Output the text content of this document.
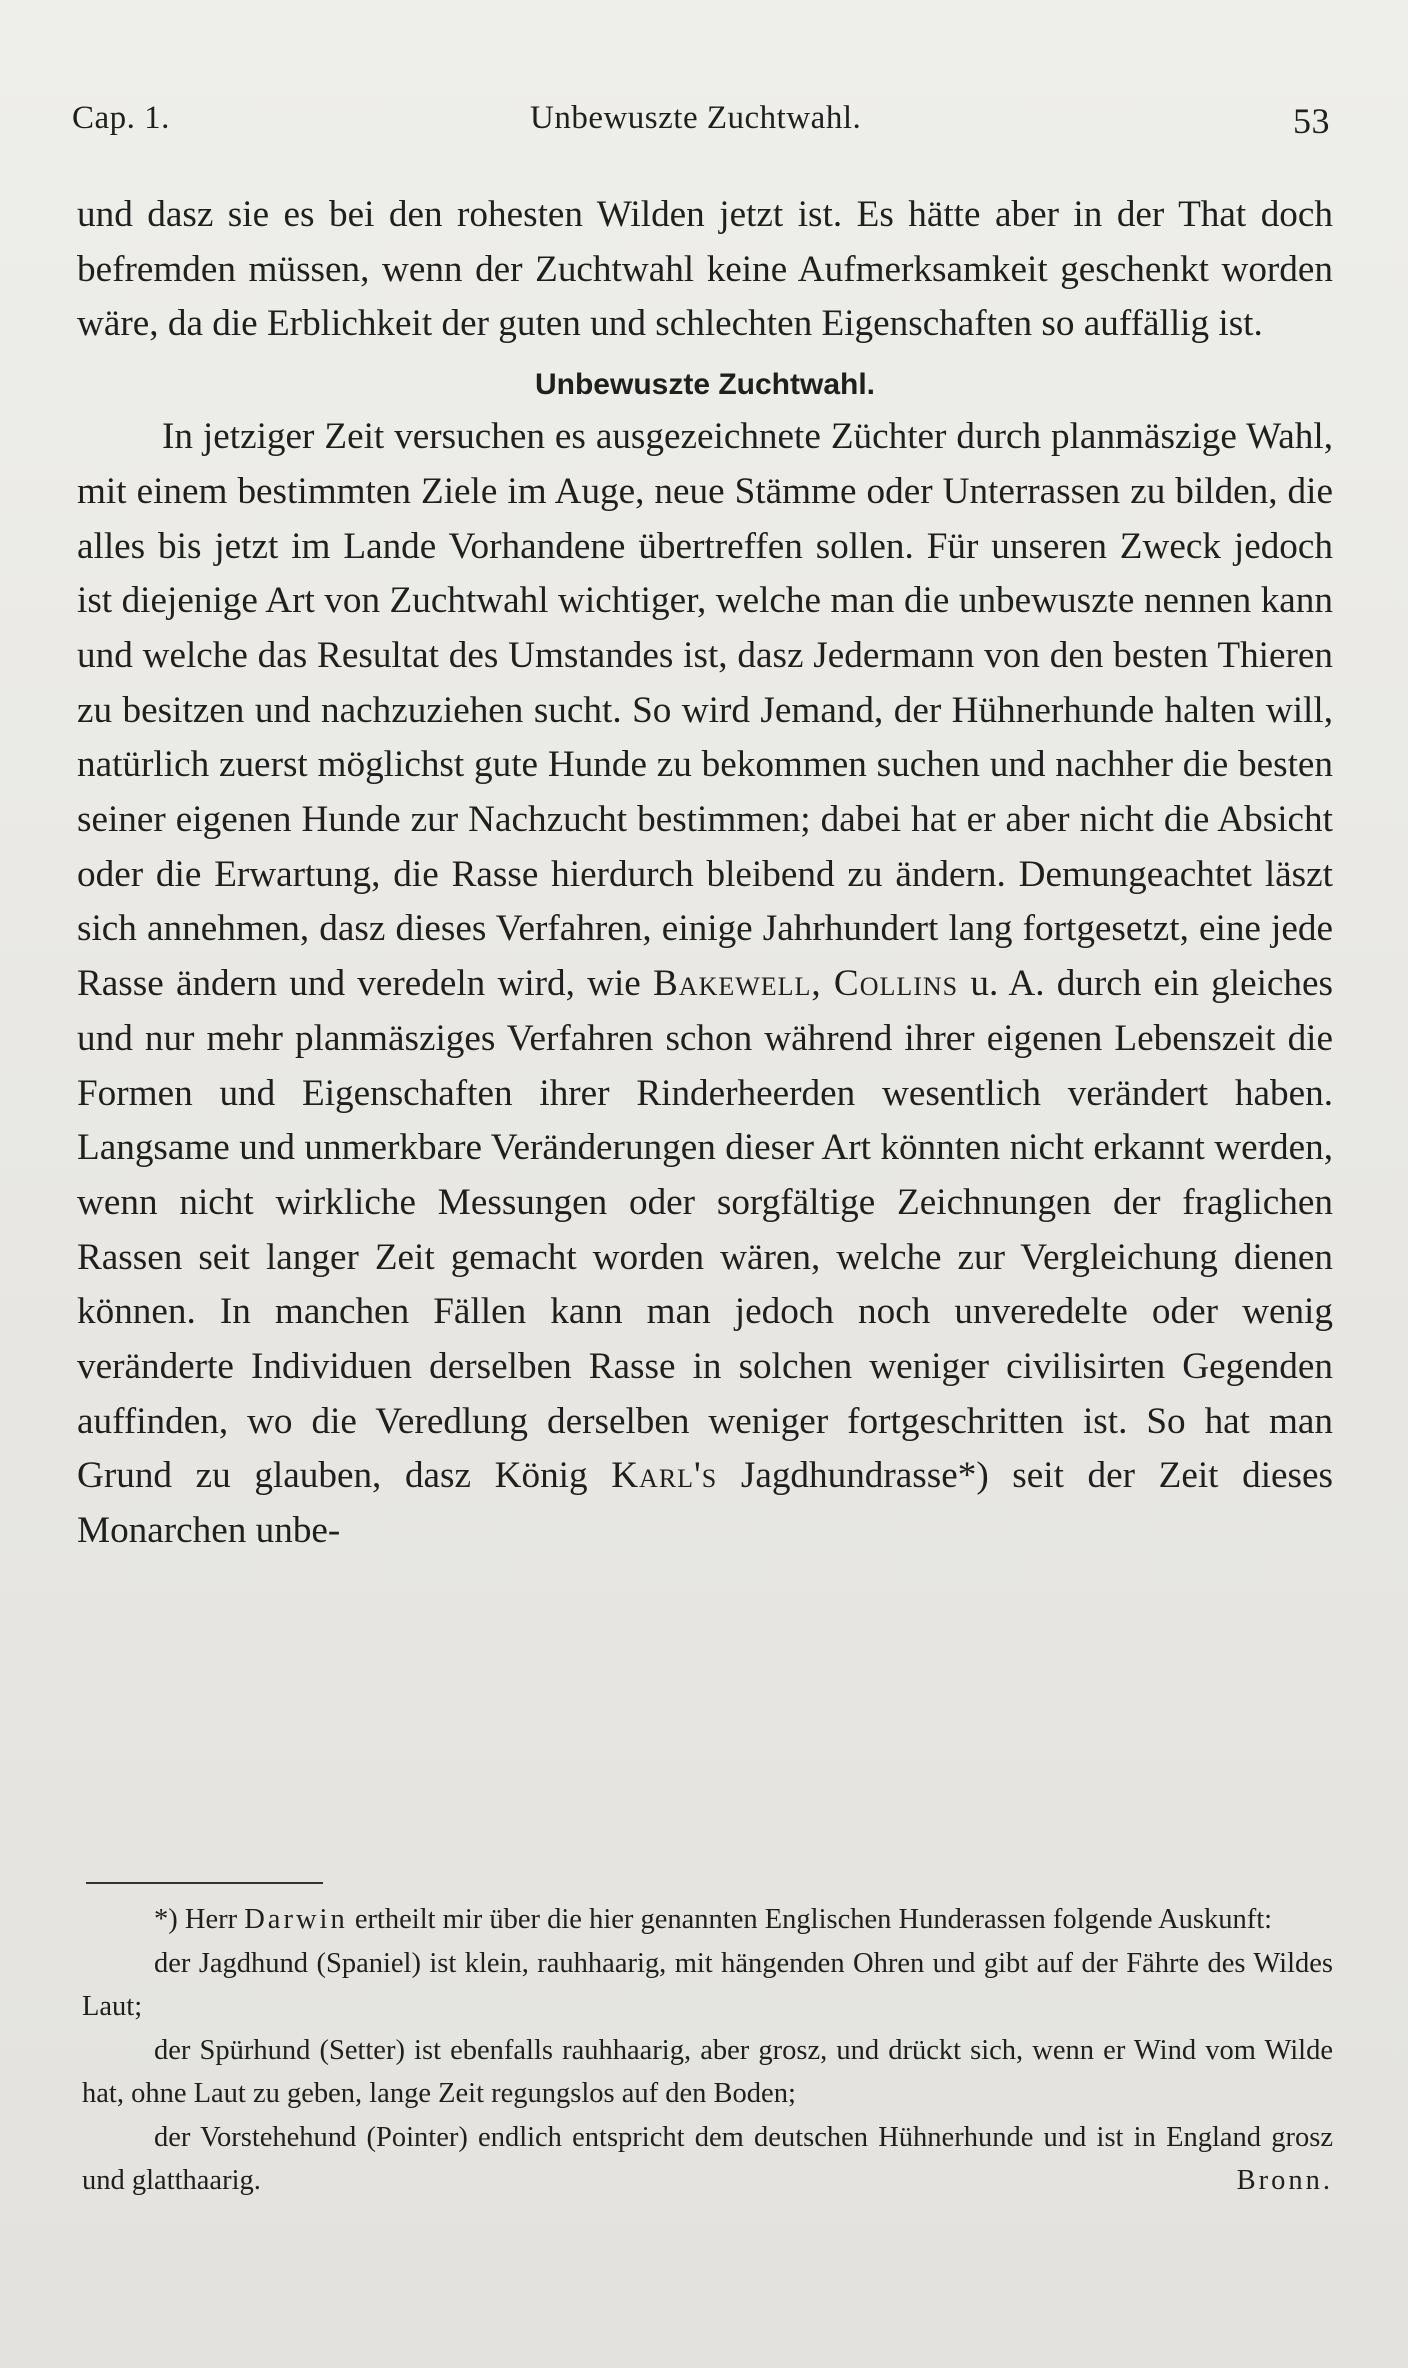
Cap. 1.	Unbewuszte Zuchtwahl.	53

und dasz sie es bei den rohesten Wilden jetzt ist. Es hätte aber in der That doch befremden müssen, wenn der Zuchtwahl keine Aufmerksamkeit geschenkt worden wäre, da die Erblichkeit der guten und schlechten Eigenschaften so auffällig ist.

Unbewuszte Zuchtwahl.

In jetziger Zeit versuchen es ausgezeichnete Züchter durch planmäszige Wahl, mit einem bestimmten Ziele im Auge, neue Stämme oder Unterrassen zu bilden, die alles bis jetzt im Lande Vorhandene übertreffen sollen. Für unseren Zweck jedoch ist diejenige Art von Zuchtwahl wichtiger, welche man die unbewuszte nennen kann und welche das Resultat des Umstandes ist, dasz Jedermann von den besten Thieren zu besitzen und nachzuziehen sucht. So wird Jemand, der Hühnerhunde halten will, natürlich zuerst möglichst gute Hunde zu bekommen suchen und nachher die besten seiner eigenen Hunde zur Nachzucht bestimmen; dabei hat er aber nicht die Absicht oder die Erwartung, die Rasse hierdurch bleibend zu ändern. Demungeachtet läszt sich annehmen, dasz dieses Verfahren, einige Jahrhundert lang fortgesetzt, eine jede Rasse ändern und veredeln wird, wie Bakewell, Collins u. A. durch ein gleiches und nur mehr planmäsziges Verfahren schon während ihrer eigenen Lebenszeit die Formen und Eigenschaften ihrer Rinderheerden wesentlich verändert haben. Langsame und unmerkbare Veränderungen dieser Art könnten nicht erkannt werden, wenn nicht wirkliche Messungen oder sorgfältige Zeichnungen der fraglichen Rassen seit langer Zeit gemacht worden wären, welche zur Vergleichung dienen können. In manchen Fällen kann man jedoch noch unveredelte oder wenig veränderte Individuen derselben Rasse in solchen weniger civilisirten Gegenden auffinden, wo die Veredlung derselben weniger fortgeschritten ist. So hat man Grund zu glauben, dasz König Karl's Jagdhundrasse*) seit der Zeit dieses Monarchen unbe-

*) Herr Darwin ertheilt mir über die hier genannten Englischen Hunderassen folgende Auskunft:

der Jagdhund (Spaniel) ist klein, rauhhaarig, mit hängenden Ohren und gibt auf der Fährte des Wildes Laut;

der Spürhund (Setter) ist ebenfalls rauhhaarig, aber grosz, und drückt sich, wenn er Wind vom Wilde hat, ohne Laut zu geben, lange Zeit regungslos auf den Boden;

der Vorstehehund (Pointer) endlich entspricht dem deutschen Hühnerhunde und ist in England grosz und glatthaarig.	Bronn.
